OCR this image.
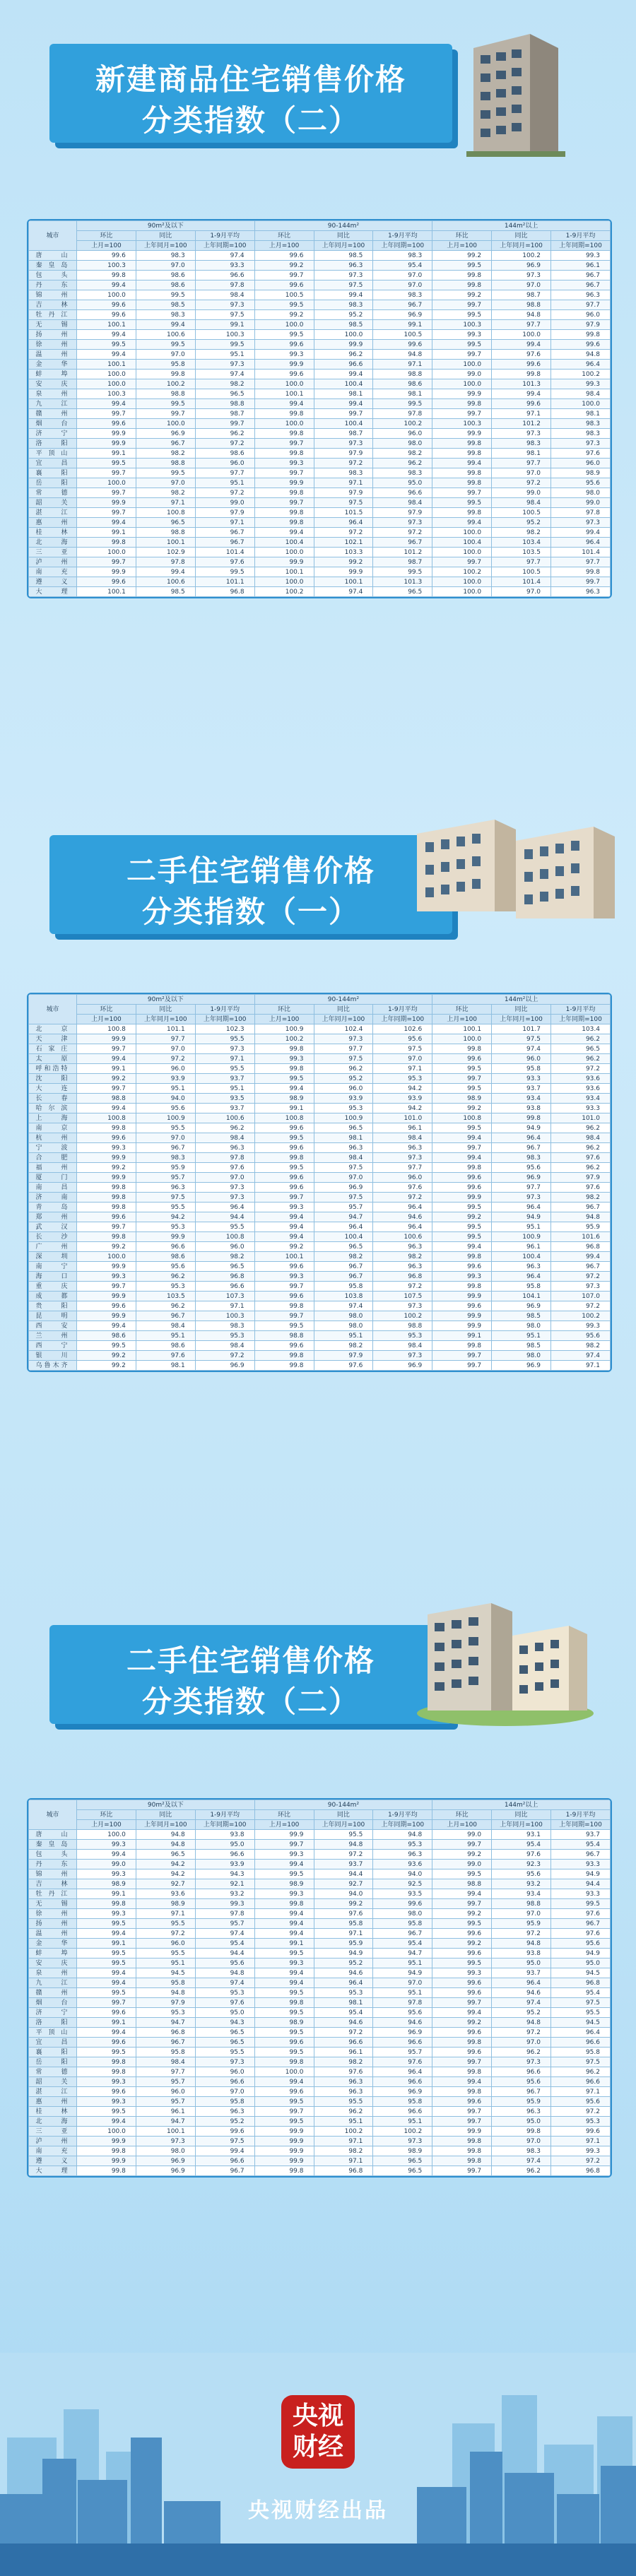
新建商品住宅销售价格
分类指数（二）
城市	90m²及以下			90-144m²			144m²以上		
	环比	同比	1-9月平均	环比	同比	1-9月平均	环比	同比	1-9月平均
	上月=100	上年同月=100	上年同期=100	上月=100	上年同月=100	上年同期=100	上月=100	上年同月=100	上年同期=100
唐　　山	99.6	98.3	97.4	99.6	98.5	98.3	99.2	100.2	99.3
秦 皇 岛	100.3	97.0	93.3	99.2	96.3	95.4	99.5	96.9	96.1
包　　头	99.8	98.6	96.6	99.7	97.3	97.0	99.8	97.3	96.7
丹　　东	99.4	98.6	97.8	99.6	97.5	97.0	99.8	97.0	96.7
锦　　州	100.0	99.5	98.4	100.5	99.4	98.3	99.2	98.7	96.3
吉　　林	99.6	98.5	97.3	99.5	98.3	96.7	99.7	98.8	97.7
牡 丹 江	99.6	98.3	97.5	99.2	95.2	96.9	99.5	94.8	96.0
无　　锡	100.1	99.4	99.1	100.0	98.5	99.1	100.3	97.7	97.9
扬　　州	99.4	100.6	100.3	99.5	100.0	100.5	99.3	100.0	99.8
徐　　州	99.5	99.5	99.5	99.6	99.9	99.6	99.5	99.4	99.6
温　　州	99.4	97.0	95.1	99.3	96.2	94.8	99.7	97.6	94.8
金　　华	100.1	95.8	97.3	99.9	96.6	97.1	100.0	99.6	96.4
蚌　　埠	100.0	99.8	97.4	99.6	99.4	98.8	99.0	99.8	100.2
安　　庆	100.0	100.2	98.2	100.0	100.4	98.6	100.0	101.3	99.3
泉　　州	100.3	98.8	96.5	100.1	98.1	98.1	99.9	99.4	98.4
九　　江	99.4	99.5	98.8	99.4	99.4	99.5	99.8	99.6	100.0
赣　　州	99.7	99.7	98.7	99.8	99.7	97.8	99.7	97.1	98.1
烟　　台	99.6	100.0	99.7	100.0	100.4	100.2	100.3	101.2	98.3
济　　宁	99.9	96.9	96.2	99.8	98.7	96.0	99.9	97.3	98.3
洛　　阳	99.9	96.7	97.2	99.7	97.3	98.0	99.8	98.3	97.3
平 顶 山	99.1	98.2	98.6	99.8	97.9	98.2	99.8	98.1	97.6
宜　　昌	99.5	98.8	96.0	99.3	97.2	96.2	99.4	97.7	96.0
襄　　阳	99.7	99.5	97.7	99.7	98.3	98.3	99.8	97.0	98.9
岳　　阳	100.0	97.0	95.1	99.9	97.1	95.0	99.8	97.2	95.6
常　　德	99.7	98.2	97.2	99.8	97.9	96.6	99.7	99.0	98.0
韶　　关	99.9	97.1	99.0	99.7	97.5	98.4	99.5	98.4	99.0
湛　　江	99.7	100.8	97.9	99.8	101.5	97.9	99.8	100.5	97.8
惠　　州	99.4	96.5	97.1	99.8	96.4	97.3	99.4	95.2	97.3
桂　　林	99.1	98.8	96.7	99.4	97.2	97.2	100.0	98.2	99.4
北　　海	99.8	100.1	96.7	100.4	102.1	96.7	100.4	103.4	96.4
三　　亚	100.0	102.9	101.4	100.0	103.3	101.2	100.0	103.5	101.4
泸　　州	99.7	97.8	97.6	99.9	99.2	98.7	99.7	97.7	97.7
南　　充	99.9	99.4	99.5	100.1	99.9	99.5	100.2	100.5	99.8
遵　　义	99.6	100.6	101.1	100.0	100.1	101.3	100.0	101.4	99.7
大　　理	100.1	98.5	96.8	100.2	97.4	96.5	100.0	97.0	96.3
二手住宅销售价格
分类指数（一）
城市	90m²及以下			90-144m²			144m²以上		
	环比	同比	1-9月平均	环比	同比	1-9月平均	环比	同比	1-9月平均
	上月=100	上年同月=100	上年同期=100	上月=100	上年同月=100	上年同期=100	上月=100	上年同月=100	上年同期=100
北　　京	100.8	101.1	102.3	100.9	102.4	102.6	100.1	101.7	103.4
天　　津	99.9	97.7	95.5	100.2	97.3	95.6	100.0	97.5	96.2
石 家 庄	99.7	97.0	97.3	99.8	97.7	97.5	99.8	97.4	96.5
太　　原	99.4	97.2	97.1	99.3	97.5	97.0	99.6	96.0	96.2
呼和浩特	99.1	96.0	95.5	99.8	96.2	97.1	99.5	95.8	97.2
沈　　阳	99.2	93.9	93.7	99.5	95.2	95.3	99.7	93.3	93.6
大　　连	99.7	95.1	95.1	99.4	96.0	94.2	99.5	93.7	93.6
长　　春	98.8	94.0	93.5	98.9	93.9	93.9	98.9	93.4	93.4
哈 尔 滨	99.4	95.6	93.7	99.1	95.3	94.2	99.2	93.8	93.3
上　　海	100.8	100.9	100.6	100.8	100.9	101.0	100.8	99.8	101.0
南　　京	99.8	95.5	96.2	99.6	96.5	96.1	99.5	94.9	96.2
杭　　州	99.6	97.0	98.4	99.5	98.1	98.4	99.4	96.4	98.4
宁　　波	99.3	96.7	96.3	99.6	96.3	96.3	99.7	96.7	96.2
合　　肥	99.9	98.3	97.8	99.8	98.4	97.3	99.4	98.3	97.6
福　　州	99.2	95.9	97.6	99.5	97.5	97.7	99.8	95.6	96.2
厦　　门	99.9	95.7	97.0	99.6	97.0	96.0	99.6	96.9	97.9
南　　昌	99.8	96.3	97.3	99.6	96.9	97.6	99.6	97.7	97.6
济　　南	99.8	97.5	97.3	99.7	97.5	97.2	99.9	97.3	98.2
青　　岛	99.8	95.5	96.4	99.3	95.7	96.4	99.5	96.4	96.7
郑　　州	99.6	94.2	94.4	99.4	94.7	94.6	99.2	94.9	94.8
武　　汉	99.7	95.3	95.5	99.4	96.4	96.4	99.5	95.1	95.9
长　　沙	99.8	99.9	100.8	99.4	100.4	100.6	99.5	100.9	101.6
广　　州	99.2	96.6	96.0	99.2	96.5	96.3	99.4	96.1	96.8
深　　圳	100.0	98.6	98.2	100.1	98.2	98.2	99.8	100.4	99.4
南　　宁	99.9	95.6	96.5	99.6	96.7	96.3	99.6	96.3	96.7
海　　口	99.3	96.2	96.8	99.3	96.7	96.8	99.3	96.4	97.2
重　　庆	99.7	95.3	96.6	99.7	95.8	97.2	99.8	95.8	97.3
成　　都	99.9	103.5	107.3	99.6	103.8	107.5	99.9	104.1	107.0
贵　　阳	99.6	96.2	97.1	99.8	97.4	97.3	99.6	96.9	97.2
昆　　明	99.9	96.7	100.3	99.7	98.0	100.2	99.9	98.5	100.2
西　　安	99.4	98.4	98.3	99.5	98.0	98.8	99.9	98.0	99.3
兰　　州	98.6	95.1	95.3	98.8	95.1	95.3	99.1	95.1	95.6
西　　宁	99.5	98.6	98.4	99.6	98.2	98.4	99.8	98.5	98.2
银　　川	99.2	97.6	97.2	99.8	97.9	97.3	99.7	98.0	97.4
乌鲁木齐	99.2	98.1	96.9	99.8	97.6	96.9	99.7	96.9	97.1
二手住宅销售价格
分类指数（二）
城市	90m²及以下			90-144m²			144m²以上		
	环比	同比	1-9月平均	环比	同比	1-9月平均	环比	同比	1-9月平均
	上月=100	上年同月=100	上年同期=100	上月=100	上年同月=100	上年同期=100	上月=100	上年同月=100	上年同期=100
唐　　山	100.0	94.8	93.8	99.9	95.5	94.8	99.0	93.1	93.7
秦 皇 岛	99.3	94.8	95.0	99.7	94.8	95.3	99.7	95.4	95.4
包　　头	99.4	96.5	96.6	99.3	97.2	96.3	99.2	97.6	96.7
丹　　东	99.0	94.2	93.9	99.4	93.7	93.6	99.0	92.3	93.3
锦　　州	99.3	94.2	94.3	99.5	94.4	94.0	99.5	95.6	94.9
吉　　林	98.9	92.7	92.1	98.9	92.7	92.5	98.8	93.2	94.4
牡 丹 江	99.1	93.6	93.2	99.3	94.0	93.5	99.4	93.4	93.3
无　　锡	99.8	98.9	99.3	99.8	99.2	99.6	99.7	98.8	99.5
徐　　州	99.3	97.1	97.8	99.4	97.6	98.0	99.2	97.0	97.6
扬　　州	99.5	95.5	95.7	99.4	95.8	95.8	99.5	95.9	96.7
温　　州	99.4	97.2	97.4	99.4	97.1	96.7	99.6	97.2	97.6
金　　华	99.1	96.0	95.4	99.1	95.9	95.4	99.2	94.8	95.6
蚌　　埠	99.5	95.5	94.4	99.5	94.9	94.7	99.6	93.8	94.9
安　　庆	99.5	95.1	95.6	99.3	95.2	95.1	99.5	95.0	95.0
泉　　州	99.4	94.5	94.8	99.4	94.6	94.9	99.3	93.7	94.5
九　　江	99.4	95.8	97.4	99.4	96.4	97.0	99.6	96.4	96.8
赣　　州	99.5	94.8	95.3	99.5	95.3	95.1	99.6	94.6	95.4
烟　　台	99.7	97.9	97.6	99.8	98.1	97.8	99.7	97.4	97.5
济　　宁	99.6	95.3	95.0	99.5	95.4	95.6	99.4	95.2	95.5
洛　　阳	99.1	94.7	94.3	98.9	94.6	94.6	99.2	94.8	94.5
平 顶 山	99.4	96.8	96.5	99.5	97.2	96.9	99.6	97.2	96.4
宜　　昌	99.6	96.7	96.5	99.6	96.6	96.6	99.8	97.0	96.6
襄　　阳	99.5	95.8	95.5	99.5	96.1	95.7	99.6	96.2	95.8
岳　　阳	99.8	98.4	97.3	99.8	98.2	97.6	99.7	97.3	97.5
常　　德	99.8	97.7	96.0	100.0	97.6	96.4	99.8	96.6	96.2
韶　　关	99.3	95.7	96.6	99.4	96.3	96.6	99.4	95.6	96.6
湛　　江	99.6	96.0	97.0	99.6	96.3	96.9	99.8	96.7	97.1
惠　　州	99.3	95.7	95.8	99.5	95.5	95.8	99.6	95.9	95.6
桂　　林	99.5	96.1	96.3	99.7	96.2	96.6	99.7	96.3	97.2
北　　海	99.4	94.7	95.2	99.5	95.1	95.1	99.7	95.0	95.3
三　　亚	100.0	100.1	99.6	99.9	100.2	100.2	99.9	99.8	99.6
泸　　州	99.9	97.3	97.5	99.9	97.1	97.3	99.8	97.0	97.1
南　　充	99.8	98.0	99.4	99.9	98.2	98.9	99.8	98.3	99.3
遵　　义	99.9	96.9	96.6	99.9	97.1	96.5	99.8	97.4	97.2
大　　理	99.8	96.9	96.7	99.8	96.8	96.5	99.7	96.2	96.8
央视
财经
央视财经出品
